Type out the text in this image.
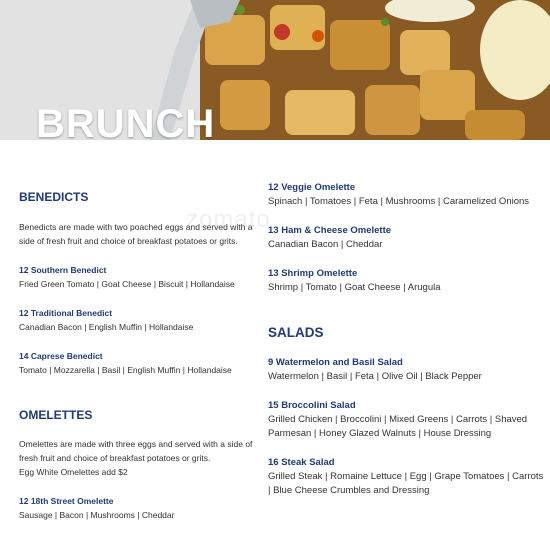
BRUNCH
zomato
BENEDICTS
Benedicts are made with two poached eggs and served with a
side of fresh fruit and choice of breakfast potatoes or grits.
12 Southern Benedict
Fried Green Tomato | Goat Cheese | Biscuit | Hollandaise
12 Traditional Benedict
Canadian Bacon | English Muffin | Hollandaise
14 Caprese Benedict
Tomato | Mozzarella | Basil | English Muffin | Hollandaise
OMELETTES
Omelettes are made with three eggs and served with a side of
fresh fruit and choice of breakfast potatoes or grits.
Egg White Omelettes add $2
12 18th Street Omelette
Sausage | Bacon | Mushrooms | Cheddar
12 Veggie Omelette
Spinach | Tomatoes | Feta | Mushrooms | Caramelized Onions
13 Ham & Cheese Omelette
Canadian Bacon | Cheddar
13 Shrimp Omelette
Shrimp | Tomato | Goat Cheese | Arugula
SALADS
9 Watermelon and Basil Salad
Watermelon | Basil | Feta | Olive Oil | Black Pepper
15 Broccolini Salad
Grilled Chicken | Broccolini | Mixed Greens | Carrots | Shaved
Parmesan | Honey Glazed Walnuts | House Dressing
16 Steak Salad
Grilled Steak | Romaine Lettuce | Egg | Grape Tomatoes | Carrots
| Blue Cheese Crumbles and Dressing
